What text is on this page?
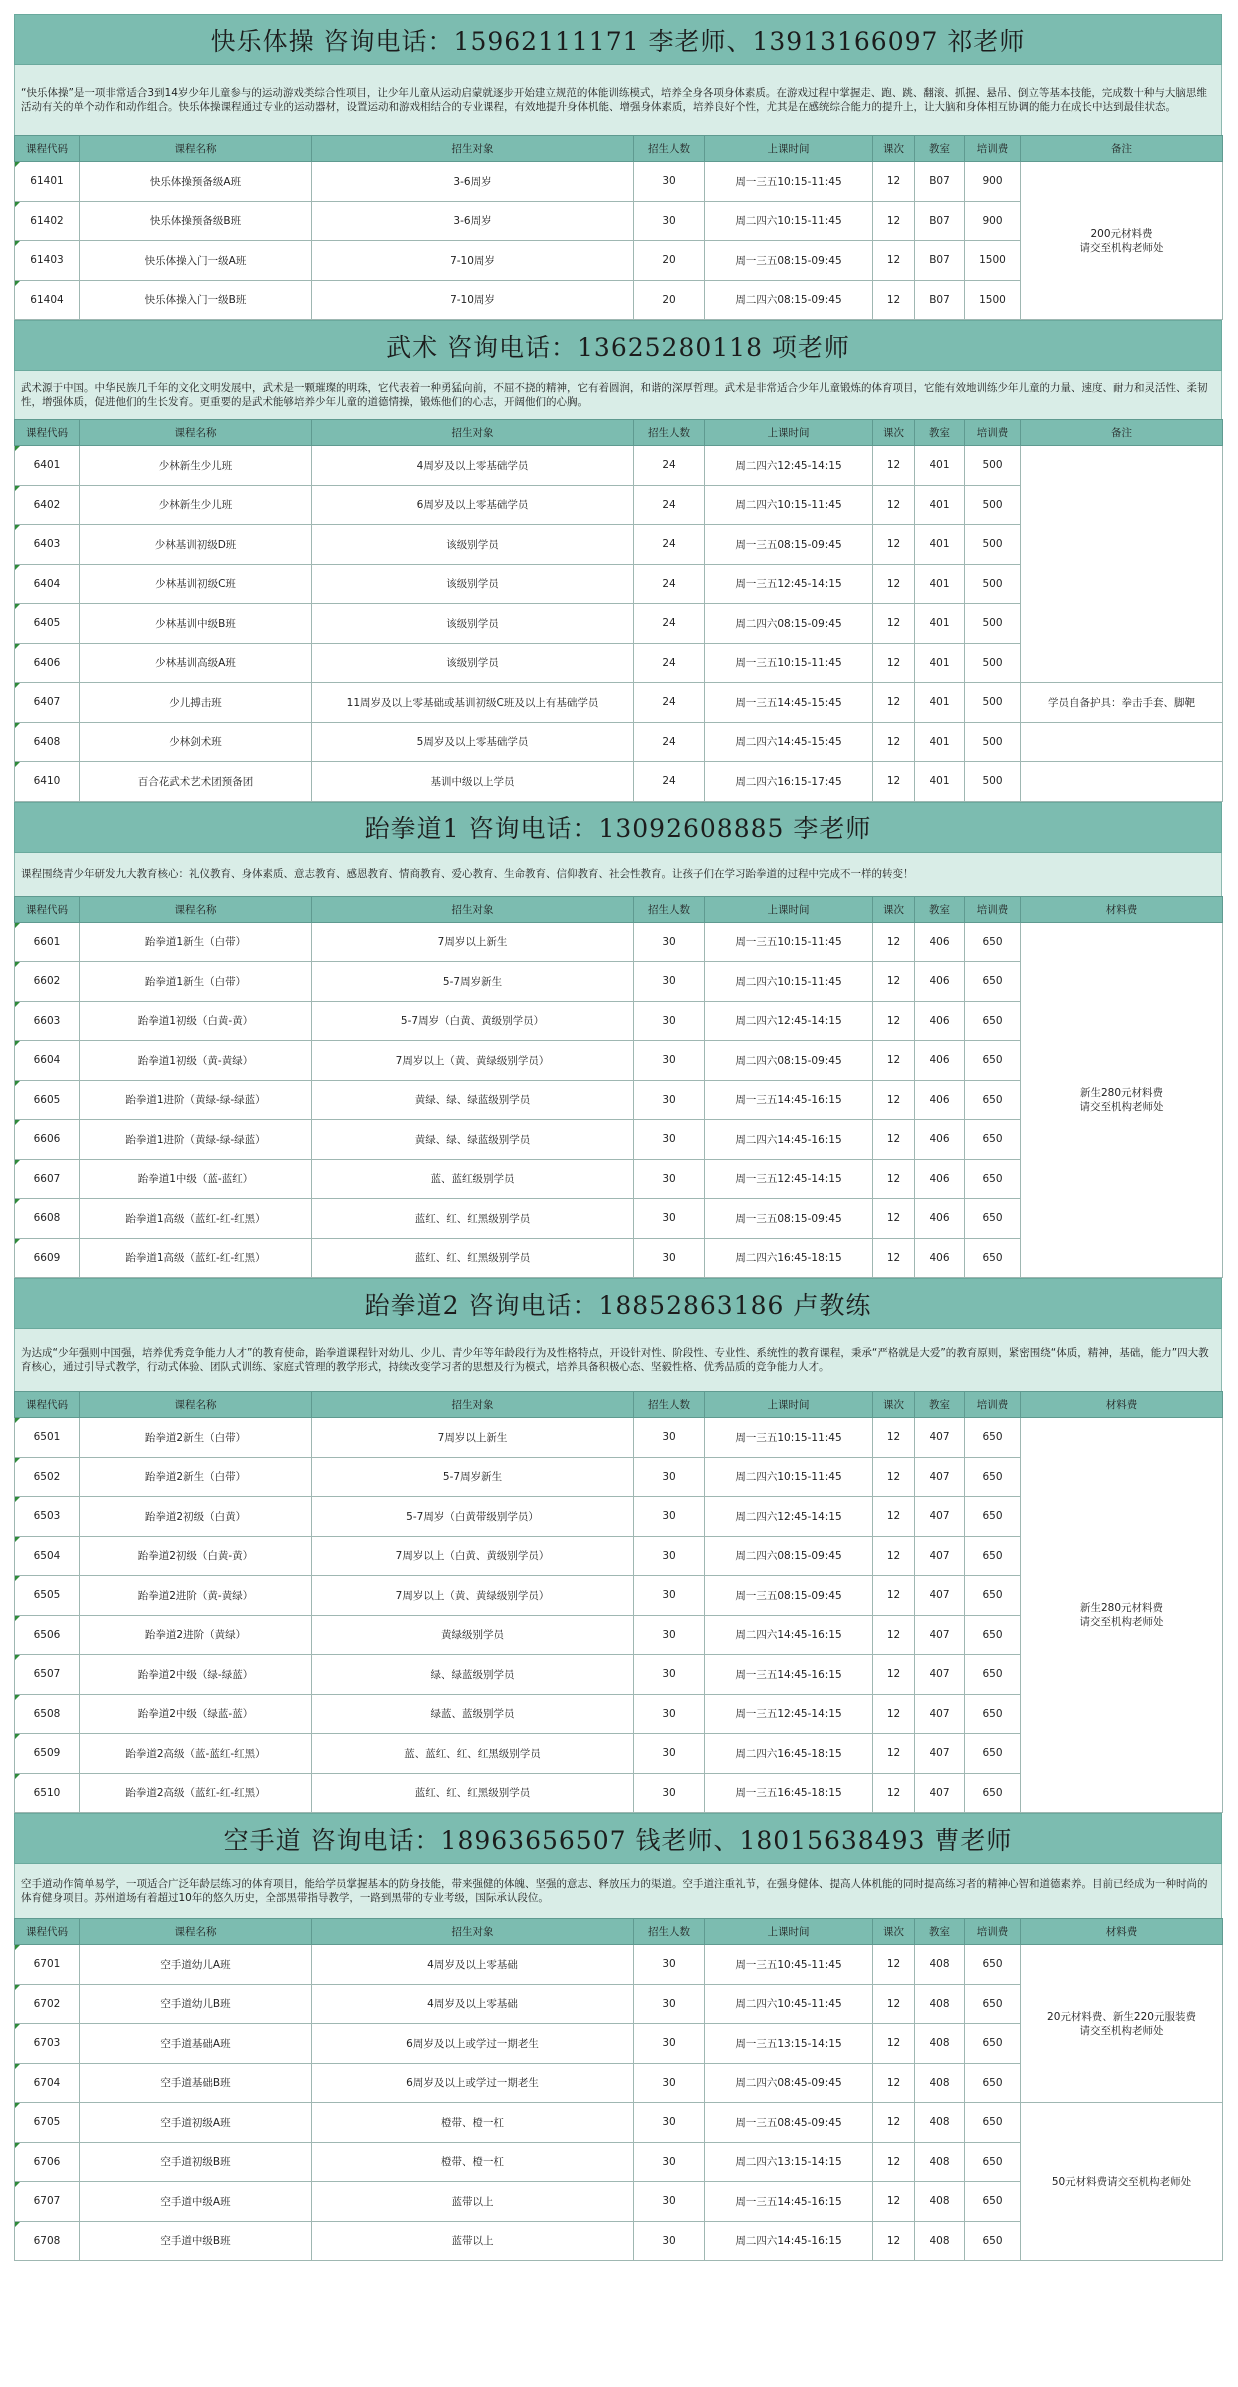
快乐体操 咨询电话：15962111171 李老师、13913166097 祁老师
“快乐体操”是一项非常适合3到14岁少年儿童参与的运动游戏类综合性项目，让少年儿童从运动启蒙就逐步开始建立规范的体能训练模式，培养全身各项身体素质。在游戏过程中掌握走、跑、跳、翻滚、抓握、悬吊、倒立等基本技能，完成数十种与大脑思维活动有关的单个动作和动作组合。快乐体操课程通过专业的运动器材，设置运动和游戏相结合的专业课程，有效地提升身体机能、增强身体素质，培养良好个性，尤其是在感统综合能力的提升上，让大脑和身体相互协调的能力在成长中达到最佳状态。
课程代码	课程名称	招生对象	招生人数	上课时间	课次	教室	培训费	备注
61401	快乐体操预备级A班	3-6周岁	30	周一三五10:15-11:45	12	B07	900	200元材料费
请交至机构老师处

61402	快乐体操预备级B班	3-6周岁	30	周二四六10:15-11:45	12	B07	900	
61403	快乐体操入门一级A班	7-10周岁	20	周一三五08:15-09:45	12	B07	1500	
61404	快乐体操入门一级B班	7-10周岁	20	周二四六08:15-09:45	12	B07	1500	
武术 咨询电话：13625280118 项老师
武术源于中国。中华民族几千年的文化文明发展中，武术是一颗璀璨的明珠，它代表着一种勇猛向前，不屈不挠的精神，它有着圆润，和谐的深厚哲理。武术是非常适合少年儿童锻炼的体育项目，它能有效地训练少年儿童的力量、速度、耐力和灵活性、柔韧性，增强体质，促进他们的生长发育。更重要的是武术能够培养少年儿童的道德情操，锻炼他们的心志，开阔他们的心胸。
课程代码	课程名称	招生对象	招生人数	上课时间	课次	教室	培训费	备注
6401	少林新生少儿班	4周岁及以上零基础学员	24	周二四六12:45-14:15	12	401	500	
6402	少林新生少儿班	6周岁及以上零基础学员	24	周二四六10:15-11:45	12	401	500	
6403	少林基训初级D班	该级别学员	24	周一三五08:15-09:45	12	401	500	
6404	少林基训初级C班	该级别学员	24	周一三五12:45-14:15	12	401	500	
6405	少林基训中级B班	该级别学员	24	周二四六08:15-09:45	12	401	500	
6406	少林基训高级A班	该级别学员	24	周一三五10:15-11:45	12	401	500	
6407	少儿搏击班	11周岁及以上零基础或基训初级C班及以上有基础学员	24	周一三五14:45-15:45	12	401	500	学员自备护具：拳击手套、脚靶
6408	少林剑术班	5周岁及以上零基础学员	24	周二四六14:45-15:45	12	401	500	
6410	百合花武术艺术团预备团	基训中级以上学员	24	周二四六16:15-17:45	12	401	500	
跆拳道1 咨询电话：13092608885 李老师
课程围绕青少年研发九大教育核心：礼仪教育、身体素质、意志教育、感恩教育、情商教育、爱心教育、生命教育、信仰教育、社会性教育。让孩子们在学习跆拳道的过程中完成不一样的转变！
课程代码	课程名称	招生对象	招生人数	上课时间	课次	教室	培训费	材料费
6601	跆拳道1新生（白带）	7周岁以上新生	30	周一三五10:15-11:45	12	406	650	新生280元材料费
请交至机构老师处

6602	跆拳道1新生（白带）	5-7周岁新生	30	周二四六10:15-11:45	12	406	650	
6603	跆拳道1初级（白黄-黄）	5-7周岁（白黄、黄级别学员）	30	周二四六12:45-14:15	12	406	650	
6604	跆拳道1初级（黄-黄绿）	7周岁以上（黄、黄绿级别学员）	30	周二四六08:15-09:45	12	406	650	
6605	跆拳道1进阶（黄绿-绿-绿蓝）	黄绿、绿、绿蓝级别学员	30	周一三五14:45-16:15	12	406	650	
6606	跆拳道1进阶（黄绿-绿-绿蓝）	黄绿、绿、绿蓝级别学员	30	周二四六14:45-16:15	12	406	650	
6607	跆拳道1中级（蓝-蓝红）	蓝、蓝红级别学员	30	周一三五12:45-14:15	12	406	650	
6608	跆拳道1高级（蓝红-红-红黑）	蓝红、红、红黑级别学员	30	周一三五08:15-09:45	12	406	650	
6609	跆拳道1高级（蓝红-红-红黑）	蓝红、红、红黑级别学员	30	周二四六16:45-18:15	12	406	650	
跆拳道2 咨询电话：18852863186 卢教练
为达成“少年强则中国强，培养优秀竞争能力人才”的教育使命，跆拳道课程针对幼儿、少儿、青少年等年龄段行为及性格特点，开设针对性、阶段性、专业性、系统性的教育课程，秉承“严格就是大爱”的教育原则，紧密围绕“体质，精神，基础，能力”四大教育核心，通过引导式教学，行动式体验、团队式训练、家庭式管理的教学形式，持续改变学习者的思想及行为模式，培养具备积极心态、坚毅性格、优秀品质的竞争能力人才。
课程代码	课程名称	招生对象	招生人数	上课时间	课次	教室	培训费	材料费
6501	跆拳道2新生（白带）	7周岁以上新生	30	周一三五10:15-11:45	12	407	650	新生280元材料费
请交至机构老师处

6502	跆拳道2新生（白带）	5-7周岁新生	30	周二四六10:15-11:45	12	407	650	
6503	跆拳道2初级（白黄）	5-7周岁（白黄带级别学员）	30	周二四六12:45-14:15	12	407	650	
6504	跆拳道2初级（白黄-黄）	7周岁以上（白黄、黄级别学员）	30	周二四六08:15-09:45	12	407	650	
6505	跆拳道2进阶（黄-黄绿）	7周岁以上（黄、黄绿级别学员）	30	周一三五08:15-09:45	12	407	650	
6506	跆拳道2进阶（黄绿）	黄绿级别学员	30	周二四六14:45-16:15	12	407	650	
6507	跆拳道2中级（绿-绿蓝）	绿、绿蓝级别学员	30	周一三五14:45-16:15	12	407	650	
6508	跆拳道2中级（绿蓝-蓝）	绿蓝、蓝级别学员	30	周一三五12:45-14:15	12	407	650	
6509	跆拳道2高级（蓝-蓝红-红黑）	蓝、蓝红、红、红黑级别学员	30	周二四六16:45-18:15	12	407	650	
6510	跆拳道2高级（蓝红-红-红黑）	蓝红、红、红黑级别学员	30	周一三五16:45-18:15	12	407	650	
空手道 咨询电话：18963656507 钱老师、18015638493 曹老师
空手道动作简单易学，一项适合广泛年龄层练习的体育项目，能给学员掌握基本的防身技能，带来强健的体魄、坚强的意志、释放压力的渠道。空手道注重礼节，在强身健体、提高人体机能的同时提高练习者的精神心智和道德素养。目前已经成为一种时尚的体育健身项目。苏州道场有着超过10年的悠久历史，全部黑带指导教学，一路到黑带的专业考级，国际承认段位。
课程代码	课程名称	招生对象	招生人数	上课时间	课次	教室	培训费	材料费
6701	空手道幼儿A班	4周岁及以上零基础	30	周一三五10:45-11:45	12	408	650	20元材料费、新生220元服装费
请交至机构老师处

6702	空手道幼儿B班	4周岁及以上零基础	30	周二四六10:45-11:45	12	408	650	
6703	空手道基础A班	6周岁及以上或学过一期老生	30	周一三五13:15-14:15	12	408	650	
6704	空手道基础B班	6周岁及以上或学过一期老生	30	周二四六08:45-09:45	12	408	650	
6705	空手道初级A班	橙带、橙一杠	30	周一三五08:45-09:45	12	408	650	50元材料费请交至机构老师处

6706	空手道初级B班	橙带、橙一杠	30	周二四六13:15-14:15	12	408	650	
6707	空手道中级A班	蓝带以上	30	周一三五14:45-16:15	12	408	650	
6708	空手道中级B班	蓝带以上	30	周二四六14:45-16:15	12	408	650	
